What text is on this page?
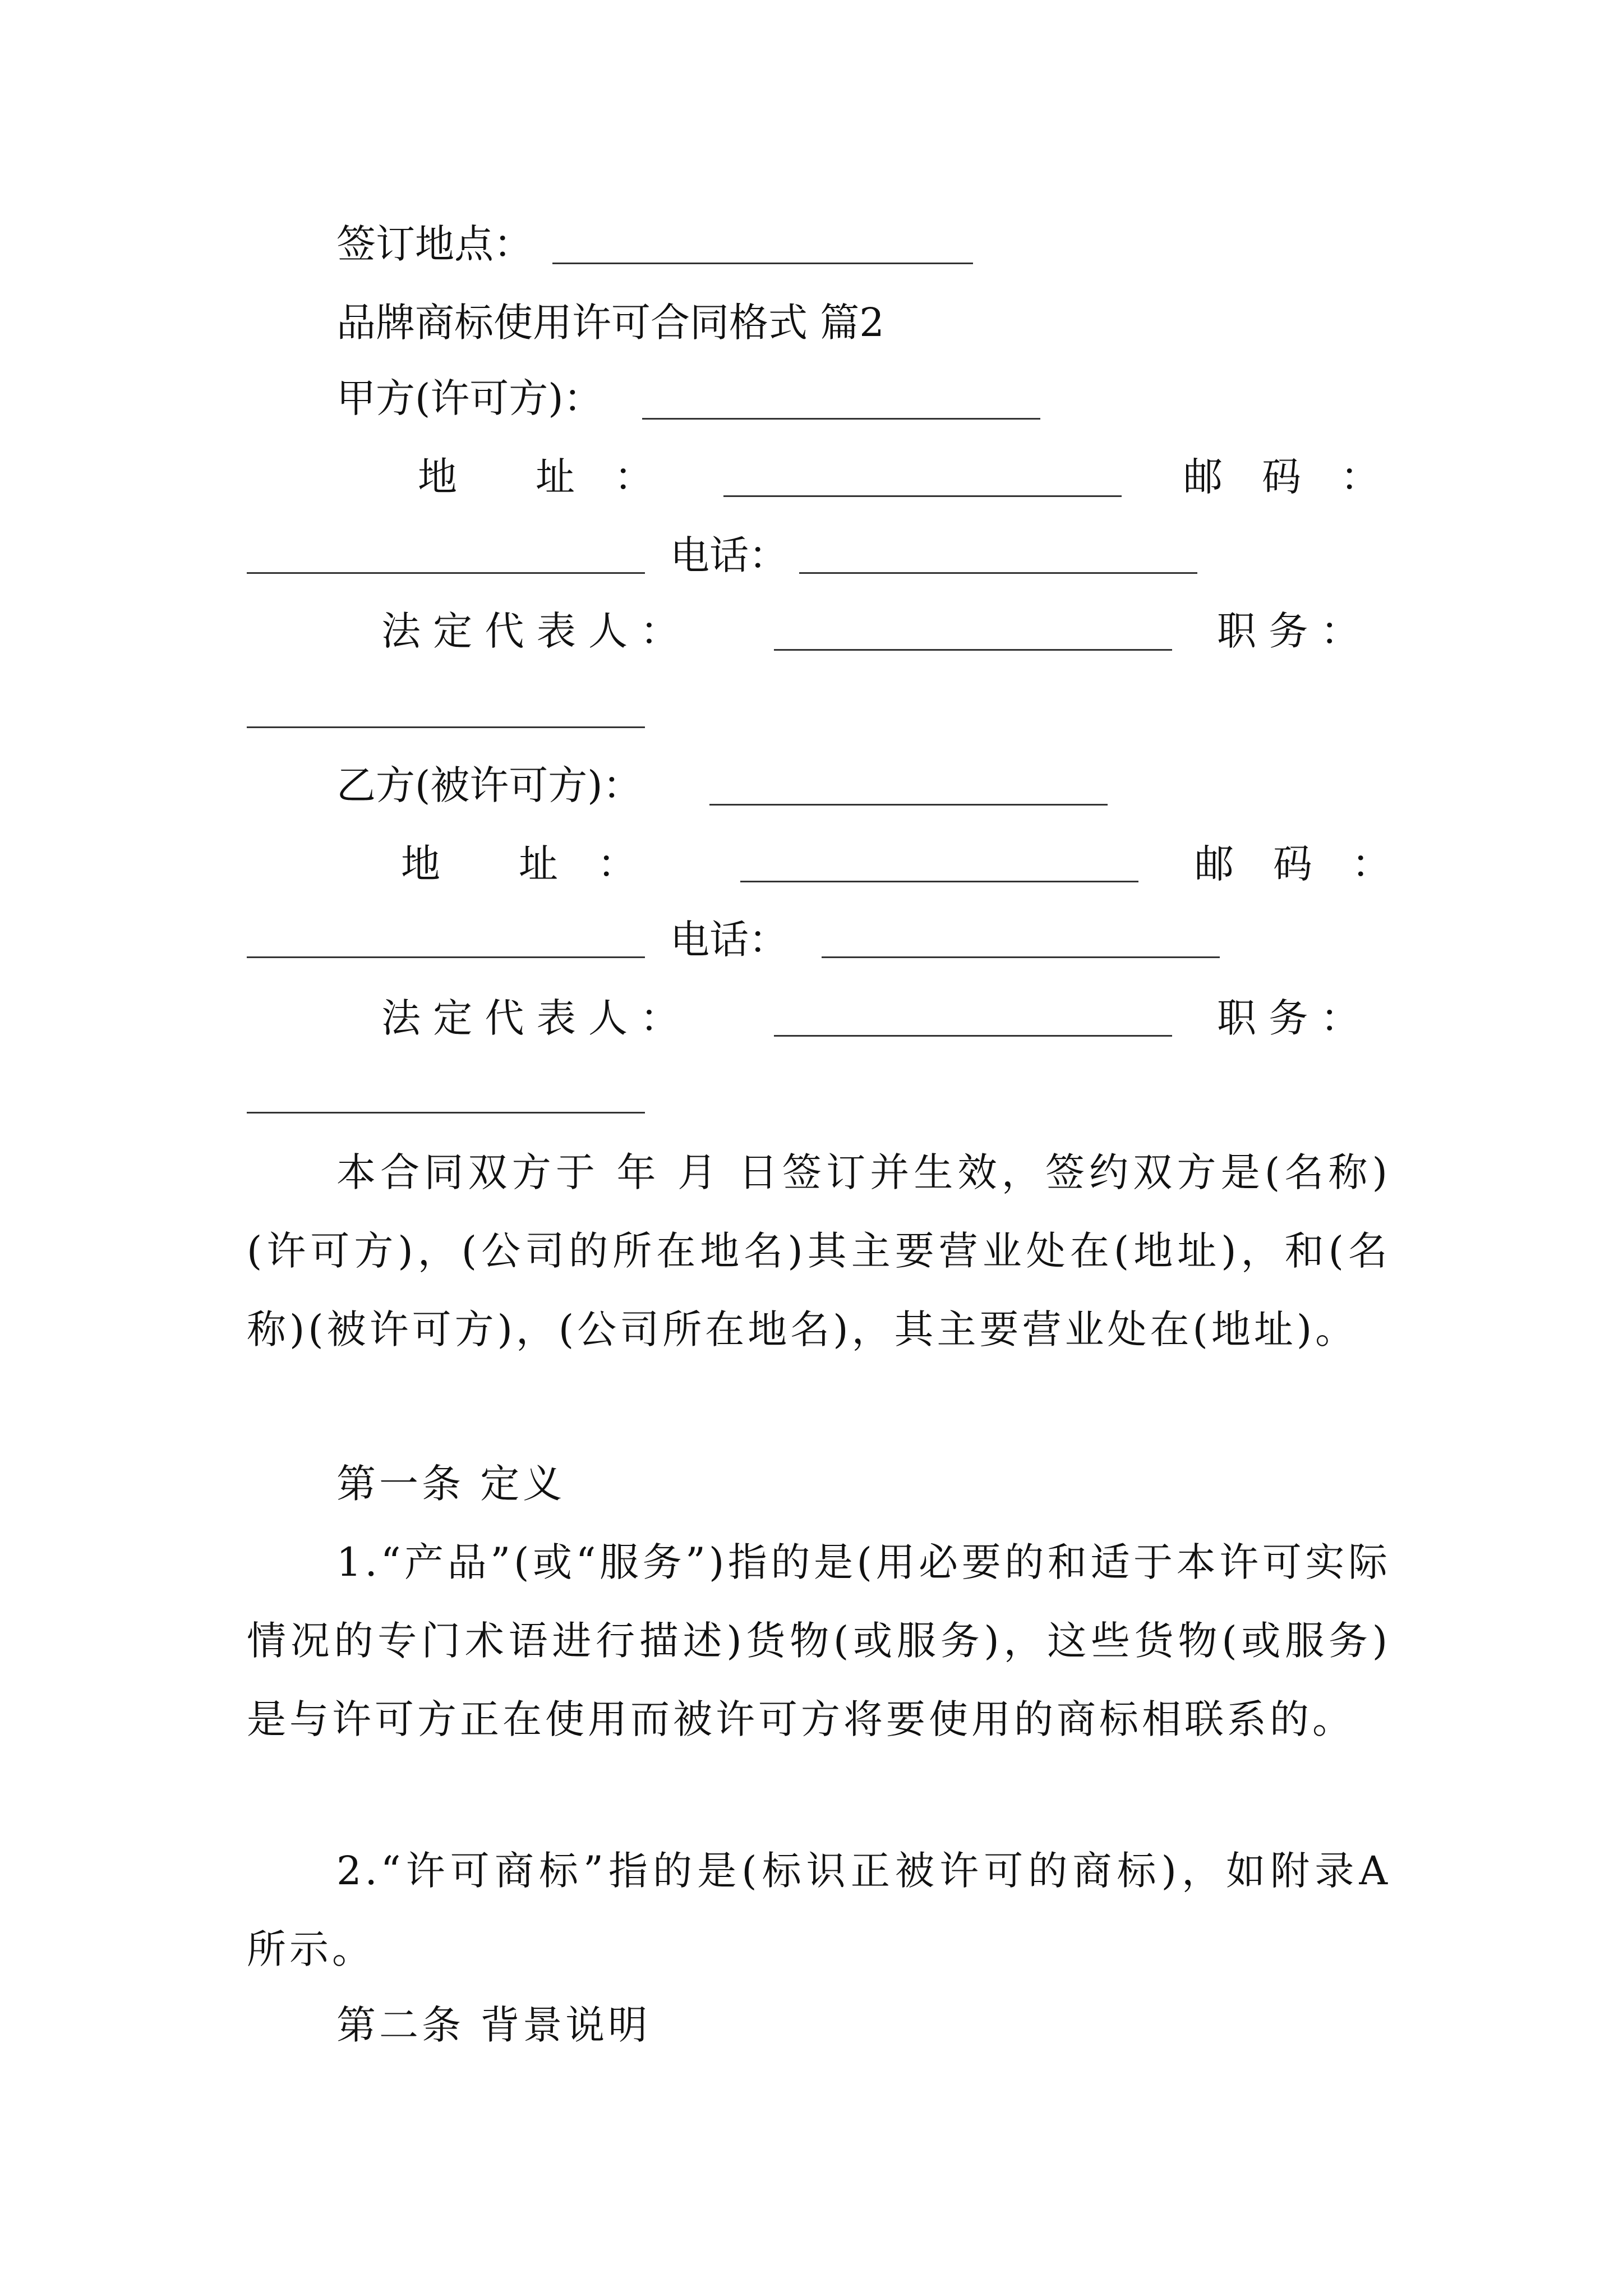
签订地点：
品牌商标使用许可合同格式 篇2
甲方(许可方)：
地　　址　：	邮　码　：
电话：
法 定 代 表 人 ：	职 务 ：
乙方(被许可方)：
地　　址　：	邮　码　：
电话：
法 定 代 表 人 ：	职 务 ：
本合同双方于 年 月 日签订并生效，签约双方是(名称)(许可方)，(公司的所在地名)其主要营业处在(地址)，和(名称)(被许可方)，(公司所在地名)，其主要营业处在(地址)。
第一条 定义
1.“产品”(或“服务”)指的是(用必要的和适于本许可实际情况的专门术语进行描述)货物(或服务)，这些货物(或服务)是与许可方正在使用而被许可方将要使用的商标相联系的。
2.“许可商标”指的是(标识正被许可的商标)，如附录A所示。
第二条 背景说明
